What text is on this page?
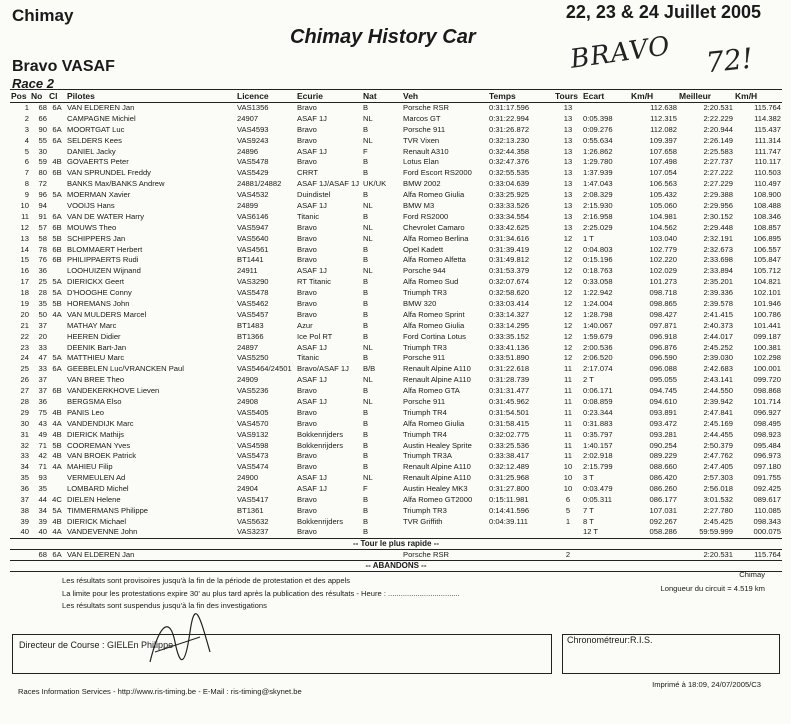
Chimay	22, 23 & 24 Juillet 2005
Chimay History Car	BRAVO 72!
Bravo VASAF
Race 2
Pos	No	Cl	Pilotes	Licence	Ecurie	Nat	Veh	Temps	Tours	Ecart	Km/H	Meilleur	Km/H
1	68	6A	VAN ELDEREN Jan	VAS1356	Bravo	B	Porsche RSR	0:31:17.596	13		112.638	2:20.531	115.764
2	66		CAMPAGNE Michiel	24907	ASAF 1J	NL	Marcos GT	0:31:22.994	13	0:05.398	112.315	2:22.229	114.382
3	90	6A	MOORTGAT Luc	VAS4593	Bravo	B	Porsche 911	0:31:26.872	13	0:09.276	112.082	2:20.944	115.437
4	55	6A	SELDERS Kees	VAS9243	Bravo	NL	TVR Vixen	0:32:13.230	13	0:55.634	109.397	2:26.149	111.314
5	30		DANIEL Jacky	24896	ASAF 1J	F	Renault A310	0:32:44.358	13	1:26.862	107.658	2:25.583	111.747
6	59	4B	GOVAERTS Peter	VAS5478	Bravo	B	Lotus Elan	0:32:47.376	13	1:29.780	107.498	2:27.737	110.117
7	80	6B	VAN SPRUNDEL Freddy	VAS5429	CRRT	B	Ford Escort RS2000	0:32:55.535	13	1:37.939	107.054	2:27.222	110.503
8	72		BANKS Max/BANKS Andrew	24881/24882	ASAF 1J/ASAF 1J	UK/UK	BMW 2002	0:33:04.639	13	1:47.043	106.563	2:27.229	110.497
9	96	5A	MOERMAN Xavier	VAS4532	Duindistel	B	Alfa Romeo Giulia	0:33:25.925	13	2:08.329	105.432	2:29.388	108.900
10	94		VOOIJS Hans	24899	ASAF 1J	NL	BMW M3	0:33:33.526	13	2:15.930	105.060	2:29.956	108.488
11	91	6A	VAN DE WATER Harry	VAS6146	Titanic	B	Ford RS2000	0:33:34.554	13	2:16.958	104.981	2:30.152	108.346
12	57	6B	MOUWS Theo	VAS5947	Bravo	NL	Chevrolet Camaro	0:33:42.625	13	2:25.029	104.562	2:29.448	108.857
13	58	5B	SCHIPPERS Jan	VAS5640	Bravo	NL	Alfa Romeo Berlina	0:31:34.616	12	1 T	103.040	2:32.191	106.895
14	78	6B	BLOMMAERT Herbert	VAS4561	Bravo	B	Opel Kadett	0:31:39.419	12	0:04.803	102.779	2:32.673	106.557
15	76	6B	PHILIPPAERTS Rudi	BT1441	Bravo	B	Alfa Romeo Alfetta	0:31:49.812	12	0:15.196	102.220	2:33.698	105.847
16	36		LOOHUIZEN Wijnand	24911	ASAF 1J	NL	Porsche 944	0:31:53.379	12	0:18.763	102.029	2:33.894	105.712
17	25	5A	DIERICKX Geert	VAS3290	RT Titanic	B	Alfa Romeo Sud	0:32:07.674	12	0:33.058	101.273	2:35.201	104.821
18	28	5A	D'HOOGHE Conny	VAS5478	Bravo	B	Triumph TR3	0:32:58.620	12	1:22.942	098.718	2:39.336	102.101
19	35	5B	HOREMANS John	VAS5462	Bravo	B	BMW 320	0:33:03.414	12	1:24.004	098.865	2:39.578	101.946
20	50	4A	VAN MULDERS Marcel	VAS5457	Bravo	B	Alfa Romeo Sprint	0:33:14.327	12	1:28.798	098.427	2:41.415	100.786
21	37		MATHAY Marc	BT1483	Azur	B	Alfa Romeo Giulia	0:33:14.295	12	1:40.067	097.871	2:40.373	101.441
22	20		HEEREN Didier	BT1366	Ice Pol RT	B	Ford Cortina Lotus	0:33:35.152	12	1:59.679	096.918	2:44.017	099.187
23	33		DEENIK Bart-Jan	24897	ASAF 1J	NL	Triumph TR3	0:33:41.136	12	2:00.536	096.876	2:45.252	100.381
24	47	5A	MATTHIEU Marc	VAS5250	Titanic	B	Porsche 911	0:33:51.890	12	2:06.520	096.590	2:39.030	102.298
25	33	6A	GEEBELEN Luc/VRANCKEN Paul	VAS5464/24501	Bravo/ASAF 1J	B/B	Renault Alpine A110	0:31:22.618	11	2:17.074	096.088	2:42.683	100.001
26	37		VAN BREE Theo	24909	ASAF 1J	NL	Renault Alpine A110	0:31:28.739	11	2 T	095.055	2:43.141	099.720
27	37	6B	VANDEKERKHOVE Lieven	VAS5236	Bravo	B	Alfa Romeo GTA	0:31:31.477	11	0:06.171	094.745	2:44.550	098.868
28	36		BERGSMA Elso	24908	ASAF 1J	NL	Porsche 911	0:31:45.962	11	0:08.859	094.610	2:39.942	101.714
29	75	4B	PANIS Leo	VAS5405	Bravo	B	Triumph TR4	0:31:54.501	11	0:23.344	093.891	2:47.841	096.927
30	43	4A	VANDENDIJK Marc	VAS4570	Bravo	B	Alfa Romeo Giulia	0:31:58.415	11	0:31.883	093.472	2:45.169	098.495
31	49	4B	DIERICK Mathijs	VAS9132	Bokkenrijders	B	Triumph TR4	0:32:02.775	11	0:35.797	093.281	2:44.455	098.923
32	71	5B	COOREMAN Yves	VAS4598	Bokkenrijders	B	Austin Healey Sprite	0:33:25.536	11	1:40.157	090.254	2:50.379	095.484
33	42	4B	VAN BROEK Patrick	VAS5473	Bravo	B	Triumph TR3A	0:33:38.417	11	2:02.918	089.229	2:47.762	096.973
34	71	4A	MAHIEU Filip	VAS5474	Bravo	B	Renault Alpine A110	0:32:12.489	10	2:15.799	088.660	2:47.405	097.180
35	93		VERMEULEN Ad	24900	ASAF 1J	NL	Renault Alpine A110	0:31:25.968	10	3 T	086.420	2:57.303	091.755
36	35		LOMBARD Michel	24904	ASAF 1J	F	Austin Healey MK3	0:31:27.800	10	0:03.479	086.260	2:56.018	092.425
37	44	4C	DIELEN Helene	VAS5417	Bravo	B	Alfa Romeo GT2000	0:15:11.981	6	0:05.311	086.177	3:01.532	089.617
38	34	5A	TIMMERMANS Philippe	BT1361	Bravo	B	Triumph TR3	0:14:41.596	5	7 T	107.031	2:27.780	110.085
39	39	4B	DIERICK Michael	VAS5632	Bokkenrijders	B	TVR Griffith	0:04:39.111	1	8 T	092.267	2:45.425	098.343
40	40	4A	VANDEVENNE John	VAS3237	Bravo	B				12 T	058.286	59:59.999	000.075
-- Tour le plus rapide --													
	68	6A	VAN ELDEREN Jan				Porsche RSR		2			2:20.531	115.764
-- ABANDONS --													
Les résultats sont provisoires jusqu'à la fin de la période de protestation et des appels
La limite pour les protestations expire 30' au plus tard après la publication des résultats - Heure : ..................................
Les résultats sont suspendus jusqu'à la fin des investigations
Chimay
Longueur du circuit = 4.519 km
Directeur de Course : GIELEn Philippe	Chronométreur:R.I.S.
Races Information Services - http://www.ris-timing.be - E-Mail : ris-timing@skynet.be
Imprimé à 18:09, 24/07/2005/C3
